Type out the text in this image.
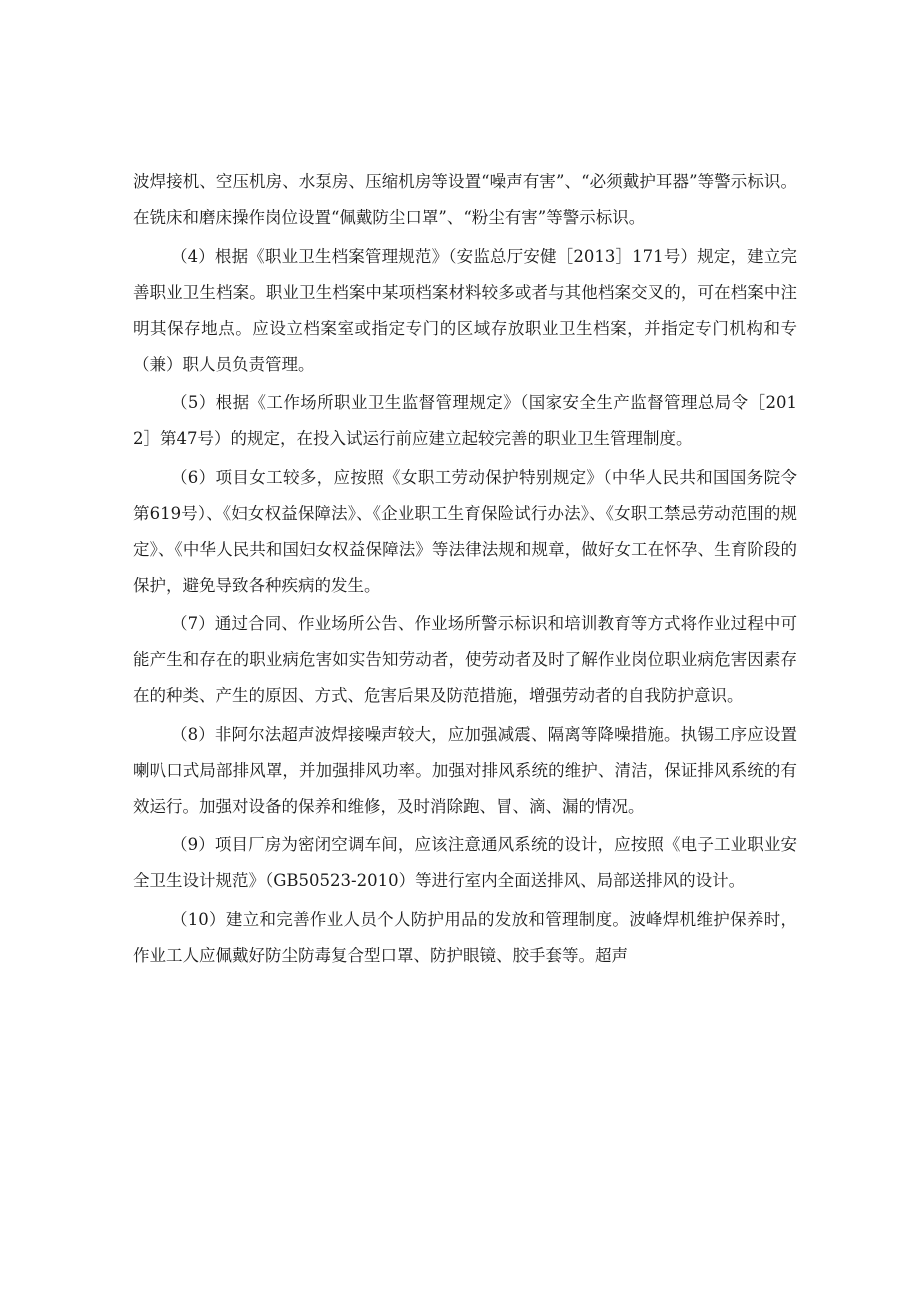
波焊接机、空压机房、水泵房、压缩机房等设置“噪声有害”、“必须戴护耳器”等警示标识。在铣床和磨床操作岗位设置“佩戴防尘口罩”、“粉尘有害”等警示标识。

（4）根据《职业卫生档案管理规范》（安监总厅安健［2013］171号）规定，建立完善职业卫生档案。职业卫生档案中某项档案材料较多或者与其他档案交叉的，可在档案中注明其保存地点。应设立档案室或指定专门的区域存放职业卫生档案，并指定专门机构和专（兼）职人员负责管理。

（5）根据《工作场所职业卫生监督管理规定》（国家安全生产监督管理总局令［2012］第47号）的规定，在投入试运行前应建立起较完善的职业卫生管理制度。

（6）项目女工较多，应按照《女职工劳动保护特别规定》（中华人民共和国国务院令第619号）、《妇女权益保障法》、《企业职工生育保险试行办法》、《女职工禁忌劳动范围的规定》、《中华人民共和国妇女权益保障法》等法律法规和规章，做好女工在怀孕、生育阶段的保护，避免导致各种疾病的发生。

（7）通过合同、作业场所公告、作业场所警示标识和培训教育等方式将作业过程中可能产生和存在的职业病危害如实告知劳动者，使劳动者及时了解作业岗位职业病危害因素存在的种类、产生的原因、方式、危害后果及防范措施，增强劳动者的自我防护意识。

（8）非阿尔法超声波焊接噪声较大，应加强减震、隔离等降噪措施。执锡工序应设置喇叭口式局部排风罩，并加强排风功率。加强对排风系统的维护、清洁，保证排风系统的有效运行。加强对设备的保养和维修，及时消除跑、冒、滴、漏的情况。

（9）项目厂房为密闭空调车间，应该注意通风系统的设计，应按照《电子工业职业安全卫生设计规范》（GB50523-2010）等进行室内全面送排风、局部送排风的设计。

（10）建立和完善作业人员个人防护用品的发放和管理制度。波峰焊机维护保养时，作业工人应佩戴好防尘防毒复合型口罩、防护眼镜、胶手套等。超声
